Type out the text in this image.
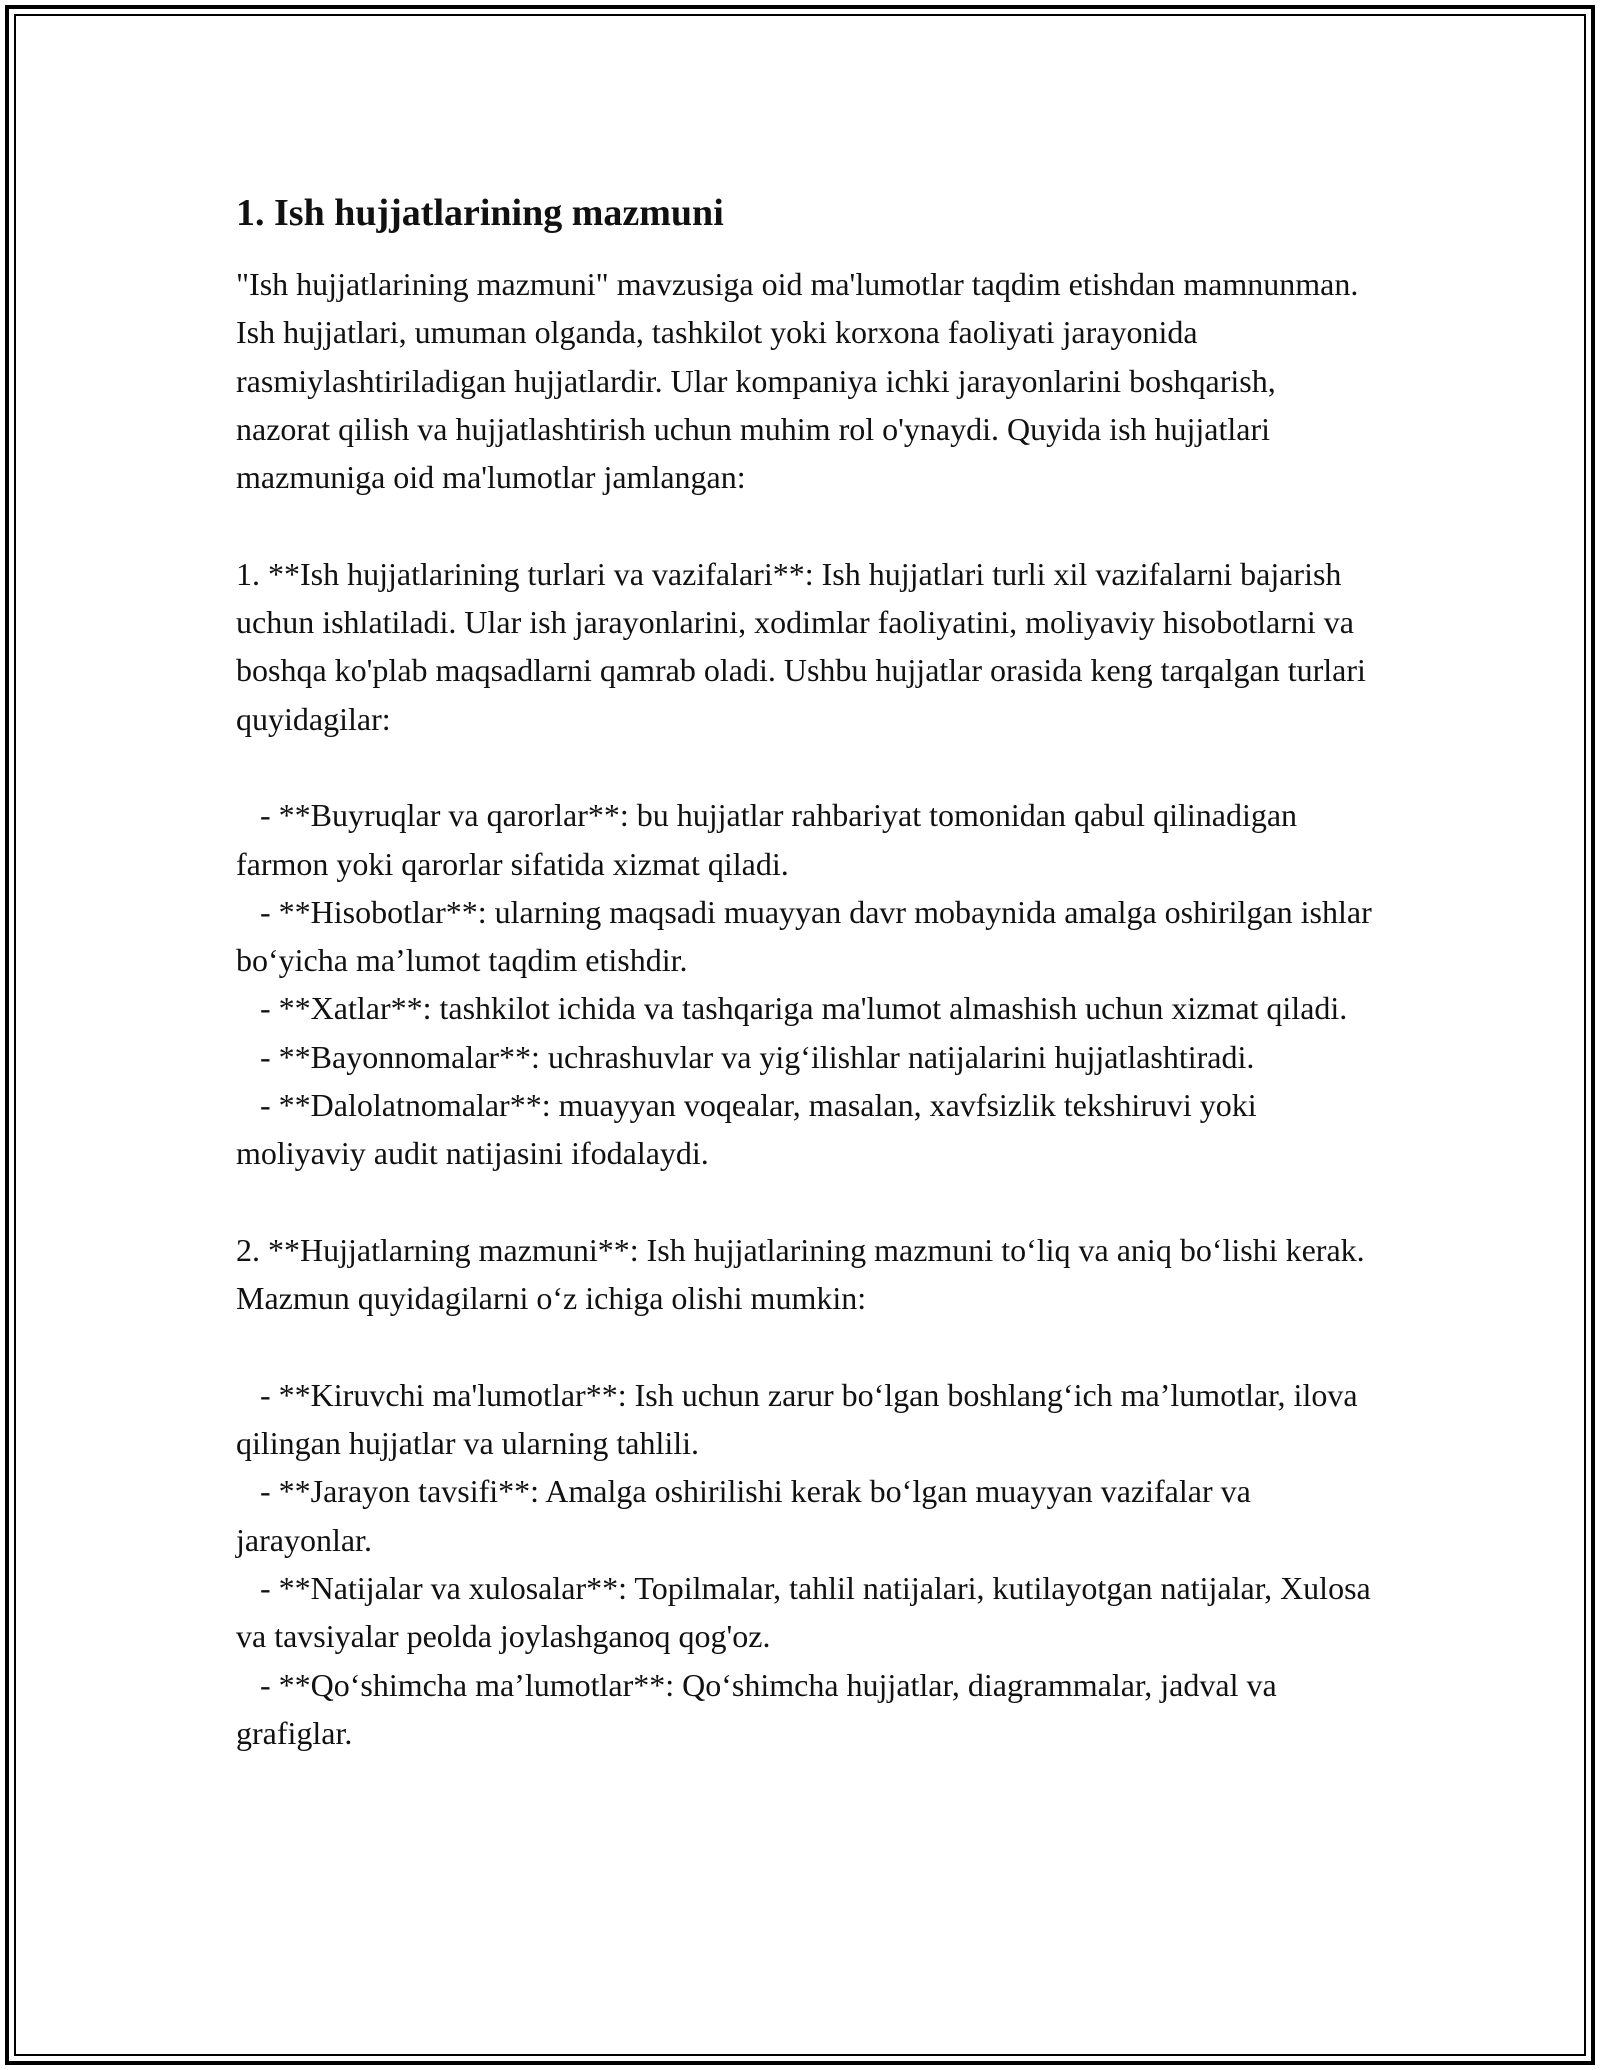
1. Ish hujjatlarining mazmuni

"Ish hujjatlarining mazmuni" mavzusiga oid ma'lumotlar taqdim etishdan mamnunman. Ish hujjatlari, umuman olganda, tashkilot yoki korxona faoliyati jarayonida rasmiylashtiriladigan hujjatlardir. Ular kompaniya ichki jarayonlarini boshqarish, nazorat qilish va hujjatlashtirish uchun muhim rol o'ynaydi. Quyida ish hujjatlari mazmuniga oid ma'lumotlar jamlangan:

1. **Ish hujjatlarining turlari va vazifalari**: Ish hujjatlari turli xil vazifalarni bajarish uchun ishlatiladi. Ular ish jarayonlarini, xodimlar faoliyatini, moliyaviy hisobotlarni va boshqa ko'plab maqsadlarni qamrab oladi. Ushbu hujjatlar orasida keng tarqalgan turlari quyidagilar:

- **Buyruqlar va qarorlar**: bu hujjatlar rahbariyat tomonidan qabul qilinadigan farmon yoki qarorlar sifatida xizmat qiladi.

- **Hisobotlar**: ularning maqsadi muayyan davr mobaynida amalga oshirilgan ishlar bo‘yicha ma’lumot taqdim etishdir.

- **Xatlar**: tashkilot ichida va tashqariga ma'lumot almashish uchun xizmat qiladi.

- **Bayonnomalar**: uchrashuvlar va yig‘ilishlar natijalarini hujjatlashtiradi.

- **Dalolatnomalar**: muayyan voqealar, masalan, xavfsizlik tekshiruvi yoki moliyaviy audit natijasini ifodalaydi.

2. **Hujjatlarning mazmuni**: Ish hujjatlarining mazmuni to‘liq va aniq bo‘lishi kerak. Mazmun quyidagilarni o‘z ichiga olishi mumkin:

- **Kiruvchi ma'lumotlar**: Ish uchun zarur bo‘lgan boshlang‘ich ma’lumotlar, ilova qilingan hujjatlar va ularning tahlili.

- **Jarayon tavsifi**: Amalga oshirilishi kerak bo‘lgan muayyan vazifalar va jarayonlar.

- **Natijalar va xulosalar**: Topilmalar, tahlil natijalari, kutilayotgan natijalar, Xulosa va tavsiyalar peolda joylashganoq qog'oz.

- **Qo‘shimcha ma’lumotlar**: Qo‘shimcha hujjatlar, diagrammalar, jadval va grafiglar.
